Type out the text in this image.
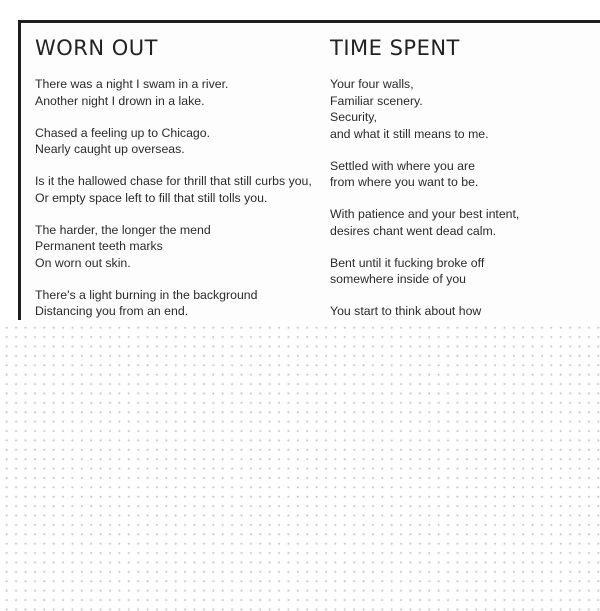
WORN OUT
There was a night I swam in a river.
Another night I drown in a lake.
Chased a feeling up to Chicago.
Nearly caught up overseas.
Is it the hallowed chase for thrill that still curbs you,
Or empty space left to fill that still tolls you.
The harder, the longer the mend
Permanent teeth marks
On worn out skin.
There's a light burning in the background
Distancing you from an end.
TIME SPENT
Your four walls,
Familiar scenery.
Security,
and what it still means to me.
Settled with where you are
from where you want to be.
With patience and your best intent,
desires chant went dead calm.
Bent until it fucking broke off
somewhere inside of you
You start to think about how
